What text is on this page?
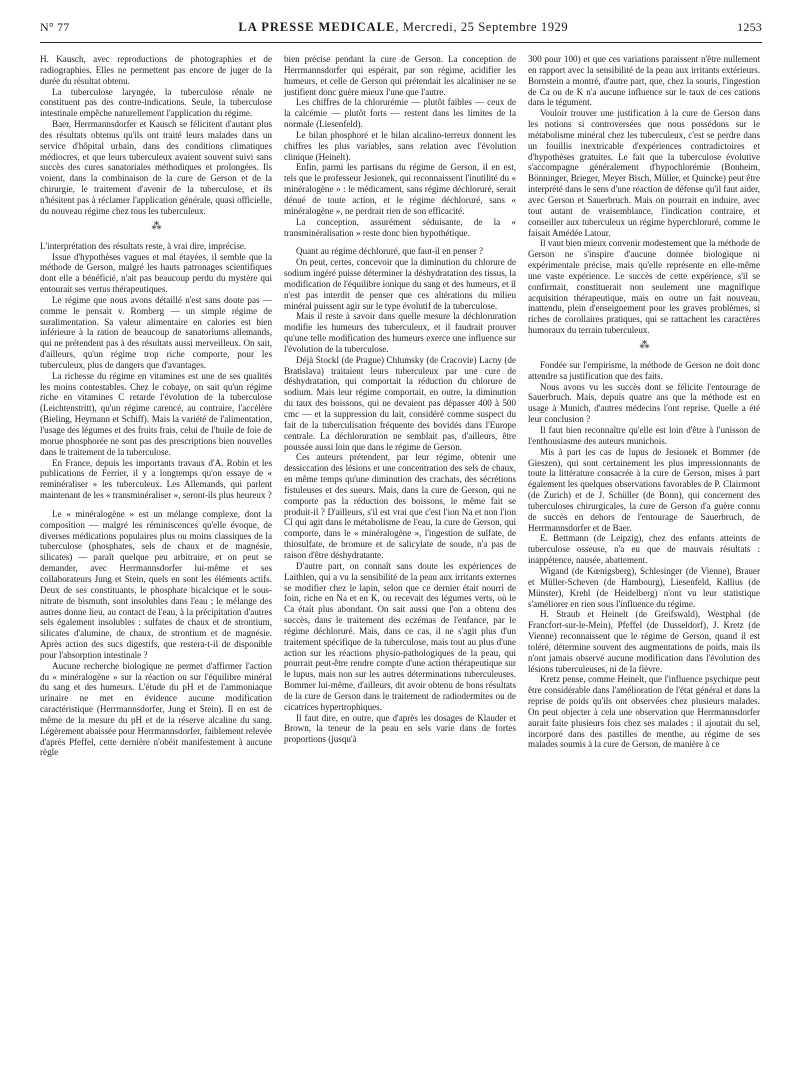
N° 77	LA PRESSE MEDICALE, Mercredi, 25 Septembre 1929	1253

H. Kausch, avec reproductions de photographies et de radiographies. Elles ne permettent pas encore de juger de la durée du résultat obtenu.

La tuberculose laryngée, la tuberculose rénale ne constituent pas des contre-indications. Seule, la tuberculose intestinale empêche naturellement l'application du régime.

Baer, Herrmannsdorfer et Kausch se félicitent d'autant plus des résultats obtenus qu'ils ont traité leurs malades dans un service d'hôpital urbain, dans des conditions climatiques médiocres, et que leurs tuberculeux avaient souvent suivi sans succès des cures sanatoriales méthodiques et prolongées. Ils voient, dans la combinaison de la cure de Gerson et de la chirurgie, le traitement d'avenir de la tuberculose, et ils n'hésitent pas à réclamer l'application générale, quasi officielle, du nouveau régime chez tous les tuberculeux.

⁂

L'interprétation des résultats reste, à vrai dire, imprécise.

Issue d'hypothèses vagues et mal étayées, il semble que la méthode de Gerson, malgré les hauts patronages scientifiques dont elle a bénéficié, n'ait pas beaucoup perdu du mystère qui entourait ses vertus thérapeutiques.

Le régime que nous avons détaillé n'est sans doute pas — comme le pensait v. Romberg — un simple régime de suralimentation. Sa valeur alimentaire en calories est bien inférieure à la ration de beaucoup de sanatoriums allemands, qui ne prétendent pas à des résultats aussi merveilleux. On sait, d'ailleurs, qu'un régime trop riche comporte, pour les tuberculeux, plus de dangers que d'avantages.

La richesse du régime en vitamines est une de ses qualités les moins contestables. Chez le cobaye, on sait qu'un régime riche en vitamines C retarde l'évolution de la tuberculose (Leichtenstritt), qu'un régime carencé, au contraire, l'accélère (Bieling, Heymann et Schiff). Mais la variété de l'alimentation, l'usage des légumes et des fruits frais, celui de l'huile de foie de morue phosphorée ne sont pas des prescriptions bien nouvelles dans le traitement de la tuberculose.

En France, depuis les importants travaux d'A. Robin et les publications de Ferrier, il y a longtemps qu'on essaye de « reminéraliser » les tuberculeux. Les Allemands, qui parlent maintenant de les « transminéraliser », seront-ils plus heureux ?

Le « minéralogène » est un mélange complexe, dont la composition — malgré les réminiscences qu'elle évoque, de diverses médications populaires plus ou moins classiques de la tuberculose (phosphates, sels de chaux et de magnésie, silicates) — paraît quelque peu arbitraire, et on peut se demander, avec Herrmannsdorfer lui-même et ses collaborateurs Jung et Stein, quels en sont les éléments actifs. Deux de ses constituants, le phosphate bicalcique et le sous-nitrate de bismuth, sont insolubles dans l'eau ; le mélange des autres donne lieu, au contact de l'eau, à la précipitation d'autres sels également insolubles : sulfates de chaux et de strontium, silicates d'alumine, de chaux, de strontium et de magnésie. Après action des sucs digestifs, que restera-t-il de disponible pour l'absorption intestinale ?

Aucune recherche biologique ne permet d'affirmer l'action du « minéralogène » sur la réaction ou sur l'équilibre minéral du sang et des humeurs. L'étude du pH et de l'ammoniaque urinaire ne met en évidence aucune modification caractéristique (Herrmannsdorfer, Jung et Stein). Il en est de même de la mesure du pH et de la réserve alcaline du sang. Légèrement abaissée pour Herrmannsdorfer, faiblement relevée d'après Pfeffel, cette dernière n'obéit manifestement à aucune règle

bien précise pendant la cure de Gerson. La conception de Herrmannsdorfer qui espérait, par son régime, acidifier les humeurs, et celle de Gerson qui prétendait les alcaliniser ne se justifient donc guère mieux l'une que l'autre.

Les chiffres de la chlorurémie — plutôt faibles — ceux de la calcémie — plutôt forts — restent dans les limites de la normale (Liesenfeld).

Le bilan phosphoré et le bilan alcalino-terreux donnent les chiffres les plus variables, sans relation avec l'évolution clinique (Heinelt).

Enfin, parmi les partisans du régime de Gerson, il en est, tels que le professeur Jesionek, qui reconnaissent l'inutilité du « minéralogène » : le médicament, sans régime déchloruré, serait dénué de toute action, et le régime déchloruré, sans « minéralogène », ne perdrait rien de son efficacité.

La conception, assurément séduisante, de la « transminéralisation » reste donc bien hypothétique.

Quant au régime déchloruré, que faut-il en penser ?

On peut, certes, concevoir que la diminution du chlorure de sodium ingéré puisse déterminer la déshydratation des tissus, la modification de l'équilibre ionique du sang et des humeurs, et il n'est pas interdit de penser que ces altérations du milieu minéral puissent agir sur le type évolutif de la tuberculose.

Mais il reste à savoir dans quelle mesure la déchloruration modifie les humeurs des tuberculeux, et il faudrait prouver qu'une telle modification des humeurs exerce une influence sur l'évolution de la tuberculose.

Déjà Stockl (de Prague) Chlumsky (de Cracovie) Lacny (de Bratislava) traitaient leurs tuberculeux par une cure de déshydratation, qui comportait la réduction du chlorure de sodium. Mais leur régime comportait, en outre, la diminution du taux des boissons, qui ne devaient pas dépasser 400 à 500 cmc — et la suppression du lait, considéré comme suspect du fait de la tuberculisation fréquente des bovidés dans l'Europe centrale. La déchloruration ne semblait pas, d'ailleurs, être poussée aussi loin que dans le régime de Gerson.

Ces auteurs prétendent, par leur régime, obtenir une dessiccation des lésions et une concentration des sels de chaux, en même temps qu'une diminution des crachats, des sécrétions fistuleuses et des sueurs. Mais, dans la cure de Gerson, qui ne comporte pas la réduction des boissons, le même fait se produit-il ? D'ailleurs, s'il est vrai que c'est l'ion Na et non l'ion Cl qui agit dans le métabolisme de l'eau, la cure de Gerson, qui comporte, dans le « minéralogène », l'ingestion de sulfate, de thiosulfate, de bromure et de salicylate de soude, n'a pas de raison d'être déshydratante.

D'autre part, on connaît sans doute les expériences de Laithlen, qui a vu la sensibilité de la peau aux irritants externes se modifier chez le lapin, selon que ce dernier était nourri de foin, riche en Na et en K, ou recevait des légumes verts, où le Ca était plus abondant. On sait aussi que l'on a obtenu des succès, dans le traitement des eczémas de l'enfance, par le régime déchloruré. Mais, dans ce cas, il ne s'agit plus d'un traitement spécifique de la tuberculose, mais tout au plus d'une action sur les réactions physio-pathologiques de la peau, qui pourrait peut-être rendre compte d'une action thérapeutique sur le lupus, mais non sur les autres déterminations tuberculeuses. Bommer lui-même, d'ailleurs, dit avoir obtenu de bons résultats de la cure de Gerson dans le traitement de radiodermites ou de cicatrices hypertrophiques.

Il faut dire, en outre, que d'après les dosages de Klauder et Brown, la teneur de la peau en sels varie dans de fortes proportions (jusqu'à

300 pour 100) et que ces variations paraissent n'être nullement en rapport avec la sensibilité de la peau aux irritants extérieurs. Bornstein a montré, d'autre part, que, chez la souris, l'ingestion de Ca ou de K n'a aucune influence sur le taux de ces cations dans le tégument.

Vouloir trouver une justification à la cure de Gerson dans les notions si controversées que nous possédons sur le métabolisme minéral chez les tuberculeux, c'est se perdre dans un fouillis inextricable d'expériences contradictoires et d'hypothèses gratuites. Le fait que la tuberculose évolutive s'accompagne généralement d'hypochlorémie (Bonheim, Bönninger, Brieger, Meyer Bisch, Müller, et Quincke) peut être interprété dans le sens d'une réaction de défense qu'il faut aider, avec Gerson et Sauerbruch. Mais on pourrait en induire, avec tout autant de vraisemblance, l'indication contraire, et conseiller aux tuberculeux un régime hyperchloruré, comme le faisait Amédée Latour.

Il vaut bien mieux convenir modestement que la méthode de Gerson ne s'inspire d'aucune donnée biologique ni expérimentale précise, mais qu'elle représente en elle-même une vaste expérience. Le succès de cette expérience, s'il se confirmait, constituerait non seulement une magnifique acquisition thérapeutique, mais en outre un fait nouveau, inattendu, plein d'enseignement pour les graves problèmes, si riches de corollaires pratiques, qui se rattachent les caractères humoraux du terrain tuberculeux.

⁂

Fondée sur l'empirisme, la méthode de Gerson ne doit donc attendre sa justification que des faits.

Nous avons vu les succès dont se félicite l'entourage de Sauerbruch. Mais, depuis quatre ans que la méthode est en usage à Munich, d'autres médecins l'ont reprise. Quelle a été leur conclusion ?

Il faut bien reconnaître qu'elle est loin d'être à l'unisson de l'enthousiasme des auteurs munichois.

Mis à part les cas de lupus de Jesionek et Bommer (de Gieszen), qui sont certainement les plus impressionnants de toute la littérature consacrée à la cure de Gerson, mises à part également les quelques observations favorables de P. Clairmont (de Zurich) et de J. Schüller (de Bonn), qui concernent des tuberculoses chirurgicales, la cure de Gerson d'a guère connu de succès en dehors de l'entourage de Sauerbruch, de Herrmannsdorfer et de Baer.

E. Bettmann (de Leipzig), chez des enfants atteints de tuberculose osseuse, n'a eu que de mauvais résultats : inappétence, nausée, abattement.

Wigand (de Kœnigsberg), Schlesinger (de Vienne), Brauer et Müller-Scheven (de Hambourg), Liesenfeld, Kallius (de Münster), Krehl (de Heidelberg) n'ont vu leur statistique s'améliorer en rien sous l'influence du régime.

H. Straub et Heinelt (de Greifswald), Westphal (de Francfort-sur-le-Mein), Pfeffel (de Dusseldorf), J. Kretz (de Vienne) reconnaissent que le régime de Gerson, quand il est toléré, détermine souvent des augmentations de poids, mais ils n'ont jamais observé aucune modification dans l'évolution des lésions tuberculeuses, ni de la fièvre.

Kretz pense, comme Heinelt, que l'influence psychique peut être considérable dans l'amélioration de l'état général et dans la reprise de poids qu'ils ont observées chez plusieurs malades. On peut objecter à cela une observation que Herrmannsdorfer aurait faite plusieurs fois chez ses malades : il ajoutait du sel, incorporé dans des pastilles de menthe, au régime de ses malades soumis à la cure de Gerson, de manière à ce
